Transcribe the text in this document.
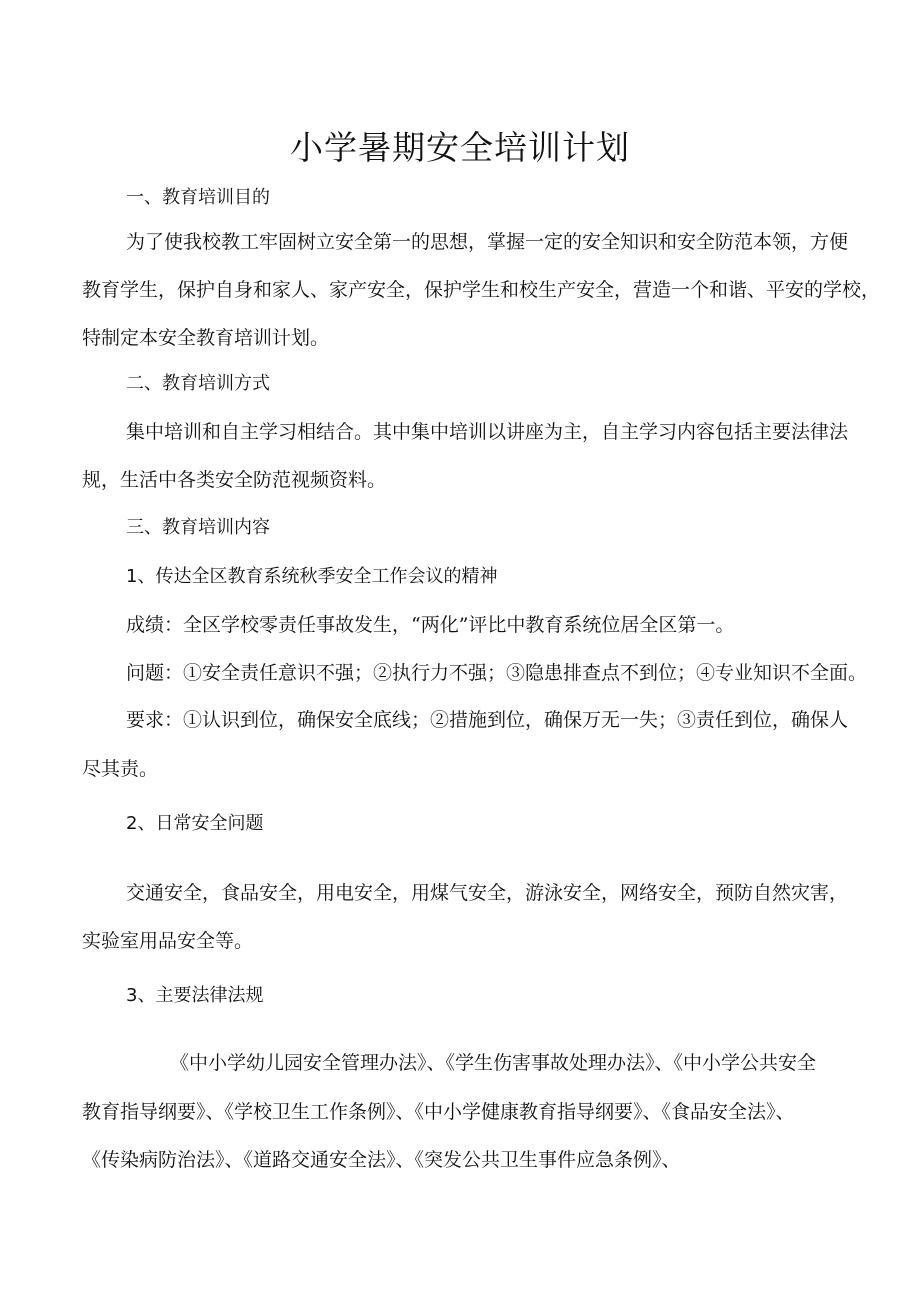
小学暑期安全培训计划

一、教育培训目的

为了使我校教工牢固树立安全第一的思想，掌握一定的安全知识和安全防范本领，方便

教育学生，保护自身和家人、家产安全，保护学生和校生产安全，营造一个和谐、平安的学校，

特制定本安全教育培训计划。

二、教育培训方式

集中培训和自主学习相结合。其中集中培训以讲座为主，自主学习内容包括主要法律法

规，生活中各类安全防范视频资料。

三、教育培训内容

1、传达全区教育系统秋季安全工作会议的精神

成绩：全区学校零责任事故发生，“两化”评比中教育系统位居全区第一。

问题：①安全责任意识不强；②执行力不强；③隐患排查点不到位；④专业知识不全面。

要求：①认识到位，确保安全底线；②措施到位，确保万无一失；③责任到位，确保人

尽其责。

2、日常安全问题

交通安全，食品安全，用电安全，用煤气安全，游泳安全，网络安全，预防自然灾害，

实验室用品安全等。

3、主要法律法规

《中小学幼儿园安全管理办法》、《学生伤害事故处理办法》、《中小学公共安全

教育指导纲要》、《学校卫生工作条例》、《中小学健康教育指导纲要》、《食品安全法》、

《传染病防治法》、《道路交通安全法》、《突发公共卫生事件应急条例》、
